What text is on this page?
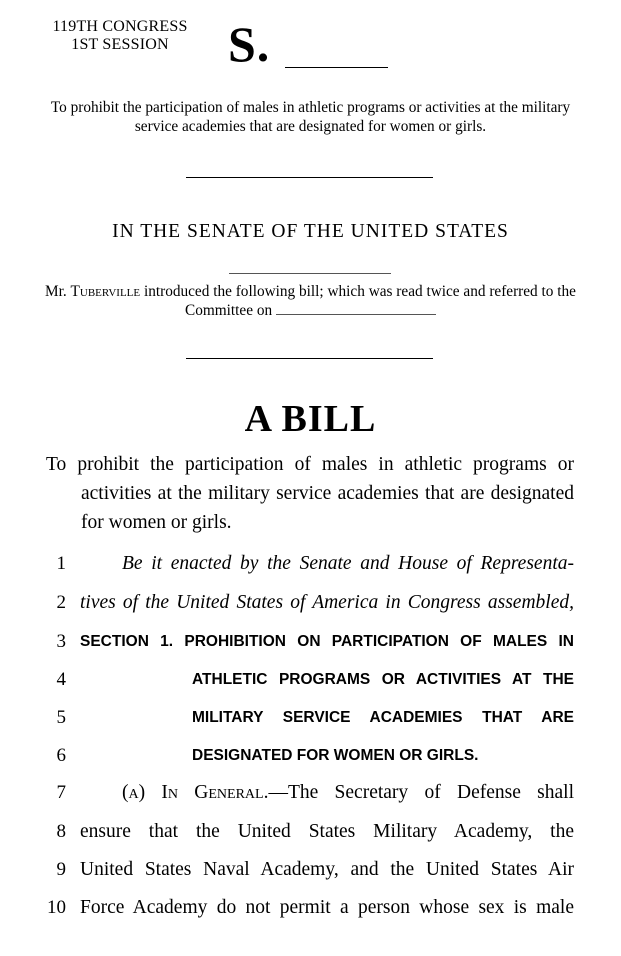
119TH CONGRESS
1ST SESSION	S.
To prohibit the participation of males in athletic programs or activities at the military service academies that are designated for women or girls.
IN THE SENATE OF THE UNITED STATES
Mr. Tuberville introduced the following bill; which was read twice and referred to the Committee on
A BILL
To prohibit the participation of males in athletic programs or activities at the military service academies that are designated for women or girls.
1	Be it enacted by the Senate and House of Representa-
2 tives of the United States of America in Congress assembled,
3 SECTION 1. PROHIBITION ON PARTICIPATION OF MALES IN
4	ATHLETIC PROGRAMS OR ACTIVITIES AT THE
5	MILITARY SERVICE ACADEMIES THAT ARE
6	DESIGNATED FOR WOMEN OR GIRLS.
7	(a) In General.—The Secretary of Defense shall
8 ensure that the United States Military Academy, the
9 United States Naval Academy, and the United States Air
10 Force Academy do not permit a person whose sex is male
